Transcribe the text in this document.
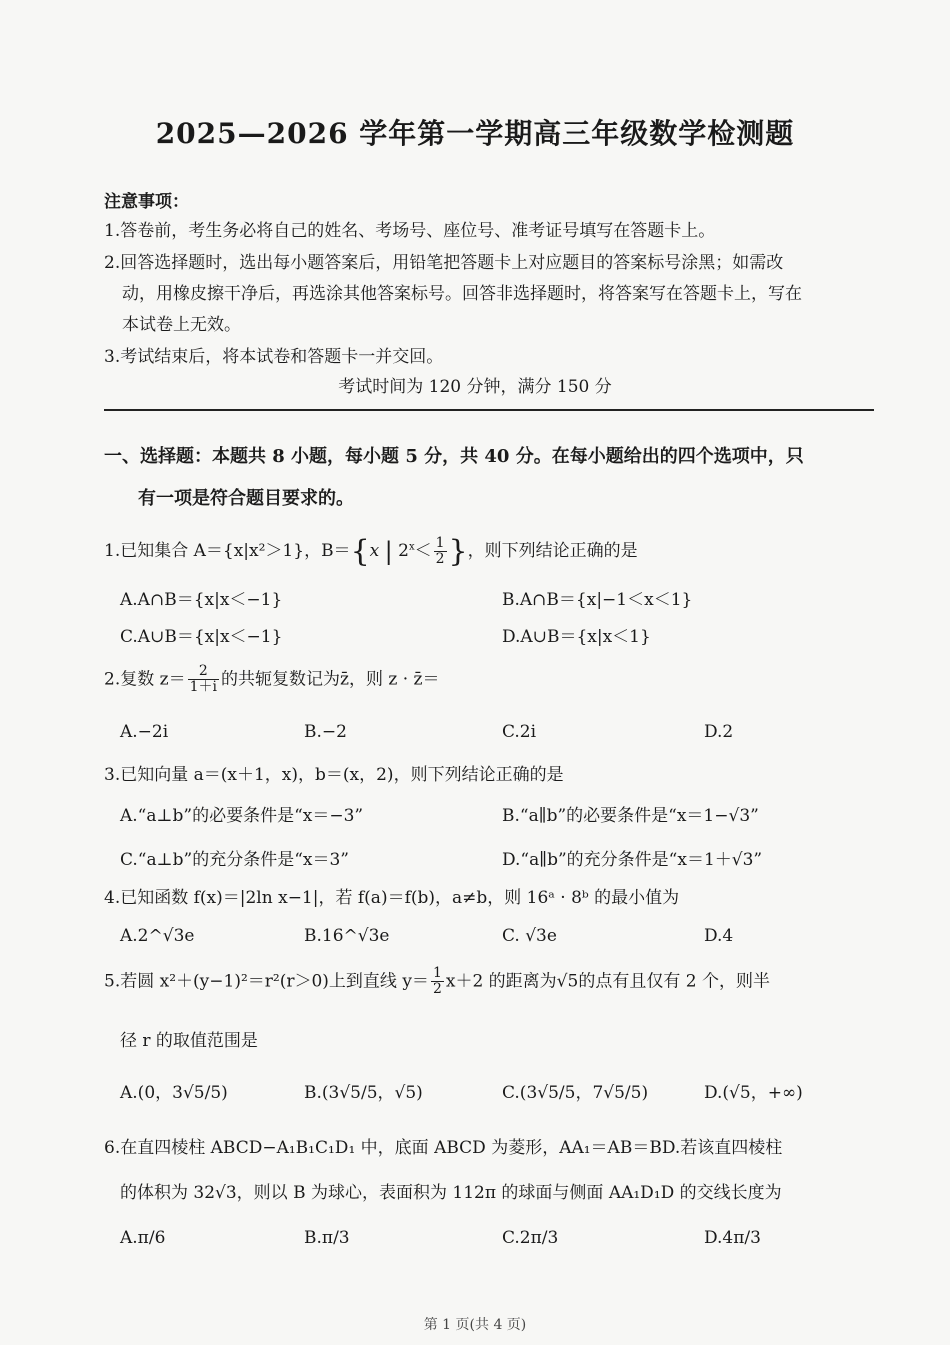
2025—2026 学年第一学期高三年级数学检测题
注意事项：
1.答卷前，考生务必将自己的姓名、考场号、座位号、准考证号填写在答题卡上。
2.回答选择题时，选出每小题答案后，用铅笔把答题卡上对应题目的答案标号涂黑；如需改
动，用橡皮擦干净后，再选涂其他答案标号。回答非选择题时，将答案写在答题卡上，写在
本试卷上无效。
3.考试结束后，将本试卷和答题卡一并交回。
考试时间为 120 分钟，满分 150 分
一、选择题：本题共 8 小题，每小题 5 分，共 40 分。在每小题给出的四个选项中，只
有一项是符合题目要求的。
1.已知集合 A＝{x|x²＞1}，B＝{x | $2^x< \frac{1}{2}$ }，则下列结论正确的是
A.A∩B＝{x|x＜−1}	B.A∩B＝{x|−1＜x＜1}
C.A∪B＝{x|x＜−1}	D.A∪B＝{x|x＜1}
2.复数 $z= \frac{2}{1+i}$ 的共轭复数记为z̄，则 z · z̄＝
A.−2i	B.−2	C.2i	D.2
3.已知向量 a＝(x＋1，x)，b＝(x，2)，则下列结论正确的是
A.“a⊥b”的必要条件是“x＝−3”	B.“a∥b”的必要条件是“x＝1−√3”
C.“a⊥b”的充分条件是“x＝3”	D.“a∥b”的充分条件是“x＝1＋√3”
4.已知函数 f(x)＝|2ln x−1|，若 f(a)＝f(b)，a≠b，则 16ᵃ · 8ᵇ 的最小值为
A.2^√3e	B.16^√3e	C. √3e	D.4
5.若圆 x²＋(y−1)²＝r²(r＞0)上到直线 $y= \frac{1}{2} x+2$ 的距离为√5的点有且仅有 2 个，则半
径 r 的取值范围是
A.(0，3√5/5)	B.(3√5/5，√5)	C.(3√5/5，7√5/5)	D.(√5，+∞)
6.在直四棱柱 ABCD−A₁B₁C₁D₁ 中，底面 ABCD 为菱形，AA₁＝AB＝BD.若该直四棱柱
的体积为 32√3，则以 B 为球心，表面积为 112π 的球面与侧面 AA₁D₁D 的交线长度为
A.π/6	B.π/3	C.2π/3	D.4π/3
第 1 页(共 4 页)
